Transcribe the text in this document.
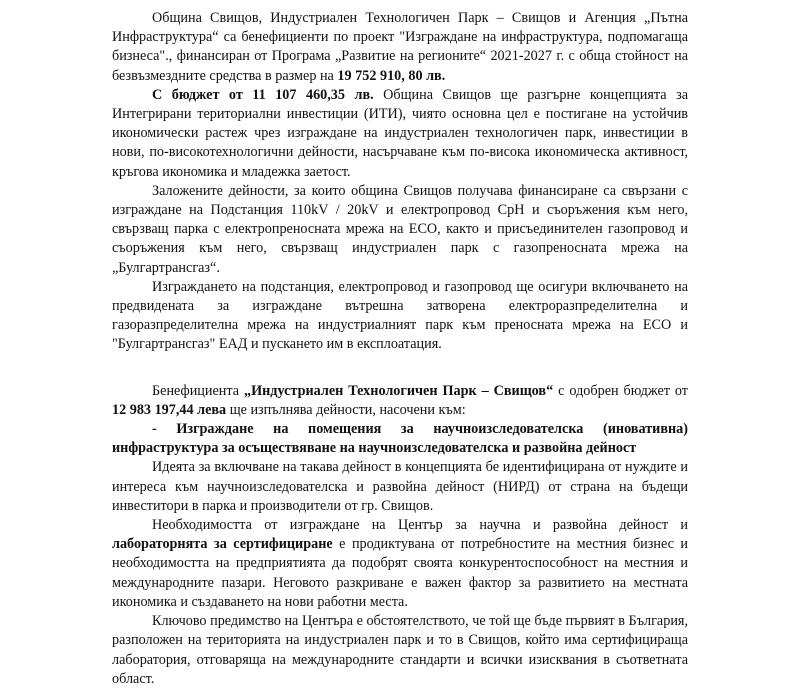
Община Свищов, Индустриален Технологичен Парк – Свищов и Агенция „Пътна Инфраструктура“ са бенефициенти по проект "Изграждане на инфраструктура, подпомагаща бизнеса"., финансиран от Програма „Развитие на регионите“ 2021-2027 г. с обща стойност на безвъзмездните средства в размер на 19 752 910, 80 лв.

С бюджет от 11 107 460,35 лв. Община Свищов ще разгърне концепцията за Интегрирани териториални инвестиции (ИТИ), чиято основна цел е постигане на устойчив икономически растеж чрез изграждане на индустриален технологичен парк, инвестиции в нови, по-високотехнологични дейности, насърчаване към по-висока икономическа активност, кръгова икономика и младежка заетост.

Заложените дейности, за които община Свищов получава финансиране са свързани с изграждане на Подстанция 110kV / 20kV и електропровод СрН и съоръжения към него, свързващ парка с електропреносната мрежа на ЕСО, както и присъединителен газопровод и съоръжения към него, свързващ индустриален парк с газопреносната мрежа на „Булгартрансгаз“.

Изграждането на подстанция, електропровод и газопровод ще осигури включването на предвидената за изграждане вътрешна затворена електроразпределителна и газоразпределителна мрежа на индустриалният парк към преносната мрежа на ЕСО и "Булгартрансгаз" ЕАД и пускането им в експлоатация.

Бенефициента „Индустриален Технологичен Парк – Свищов“ с одобрен бюджет от 12 983 197,44 лева ще изпълнява дейности, насочени към:

- Изграждане на помещения за научноизследователска (иновативна) инфраструктура за осъществяване на научноизследователска и развойна дейност

Идеята за включване на такава дейност в концепцията бе идентифицирана от нуждите и интереса към научноизследователска и развойна дейност (НИРД) от страна на бъдещи инвеститори в парка и производители от гр. Свищов.

Необходимостта от изграждане на Център за научна и развойна дейност и лабораторнята за сертифициране е продиктувана от потребностите на местния бизнес и необходимостта на предприятията да подобрят своята конкурентоспособност на местния и международните пазари. Неговото разкриване е важен фактор за развитието на местната икономика и създаването на нови работни места.

Ключово предимство на Центъра е обстоятелството, че той ще бъде първият в България, разположен на територията на индустриален парк и то в Свищов, който има сертифицираща лаборатория, отговаряща на международните стандарти и всички изисквания в съответната област.
